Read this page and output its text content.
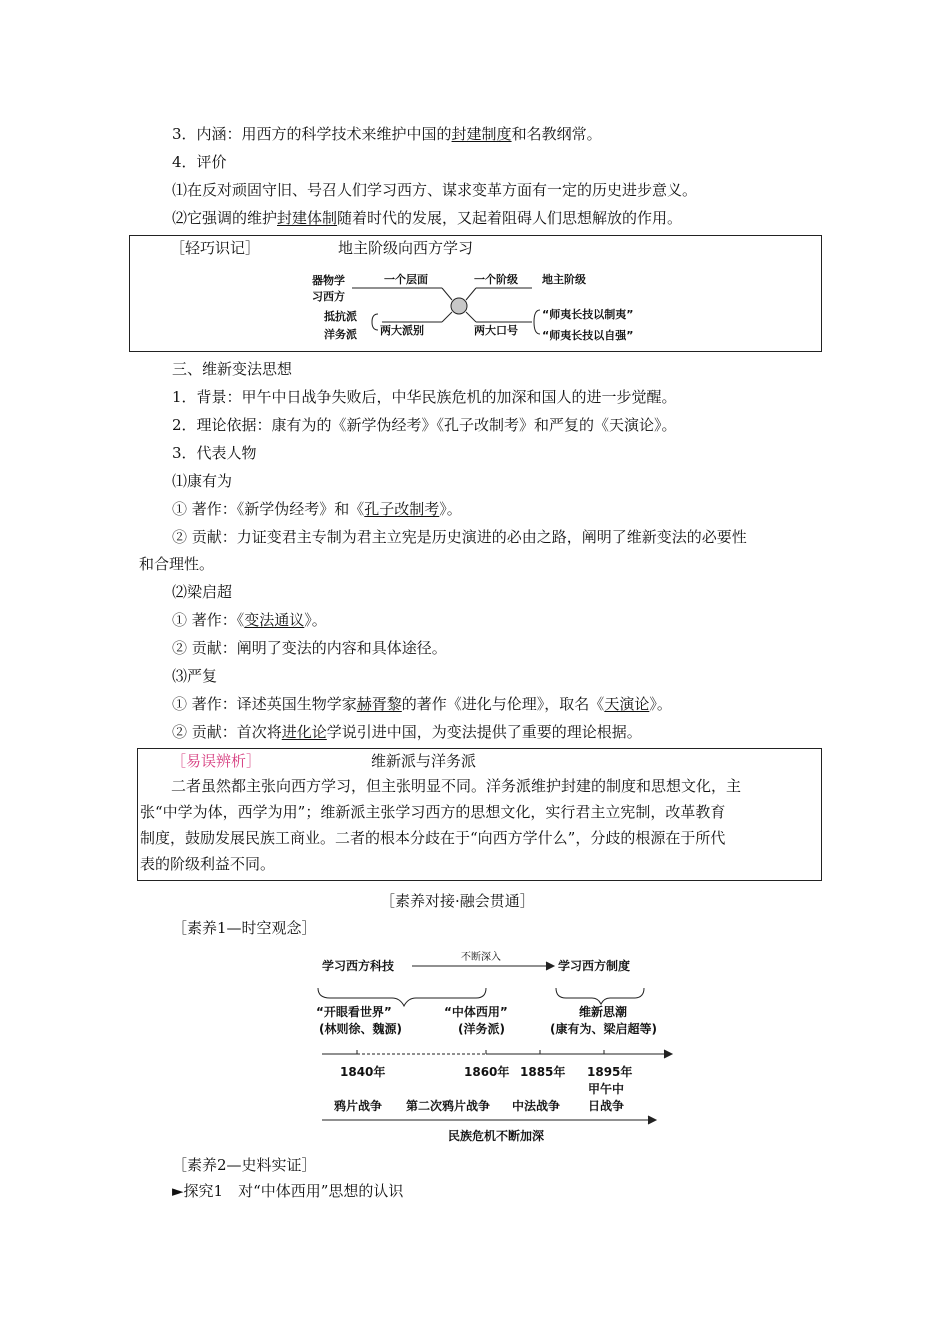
3．内涵：用西方的科学技术来维护中国的封建制度和名教纲常。
4．评价
⑴在反对顽固守旧、号召人们学习西方、谋求变革方面有一定的历史进步意义。
⑵它强调的维护封建体制随着时代的发展，又起着阻碍人们思想解放的作用。
［轻巧识记］	地主阶级向西方学习
器物学
习西方
一个层面	一个阶级 地主阶级
抵抗派
洋务派 两大派别	两大口号
“师夷长技以制夷”
“师夷长技以自强”
三、维新变法思想
1．背景：甲午中日战争失败后，中华民族危机的加深和国人的进一步觉醒。
2．理论依据：康有为的《新学伪经考》《孔子改制考》和严复的《天演论》。
3．代表人物
⑴康有为
① 著作：《新学伪经考》和《孔子改制考》。
② 贡献：力证变君主专制为君主立宪是历史演进的必由之路，阐明了维新变法的必要性
和合理性。
⑵梁启超
① 著作：《变法通议》。
② 贡献：阐明了变法的内容和具体途径。
⑶严复
① 著作：译述英国生物学家赫胥黎的著作《进化与伦理》，取名《天演论》。
② 贡献：首次将进化论学说引进中国，为变法提供了重要的理论根据。
［易误辨析］	维新派与洋务派
二者虽然都主张向西方学习，但主张明显不同。洋务派维护封建的制度和思想文化，主
张“中学为体，西学为用”；维新派主张学习西方的思想文化，实行君主立宪制，改革教育
制度，鼓励发展民族工商业。二者的根本分歧在于“向西方学什么”，分歧的根源在于所代
表的阶级利益不同。
［素养对接·融会贯通］
［素养1—时空观念］
学习西方科技
不断深入
学习西方制度
“开眼看世界”
(林则徐、魏源)
“中体西用”
(洋务派)
维新思潮
(康有为、梁启超等)
1840年	1860年 1885年 1895年
甲午中
鸦片战争 第二次鸦片战争 中法战争 日战争
民族危机不断加深
［素养2—史料实证］
►探究1　对“中体西用”思想的认识
